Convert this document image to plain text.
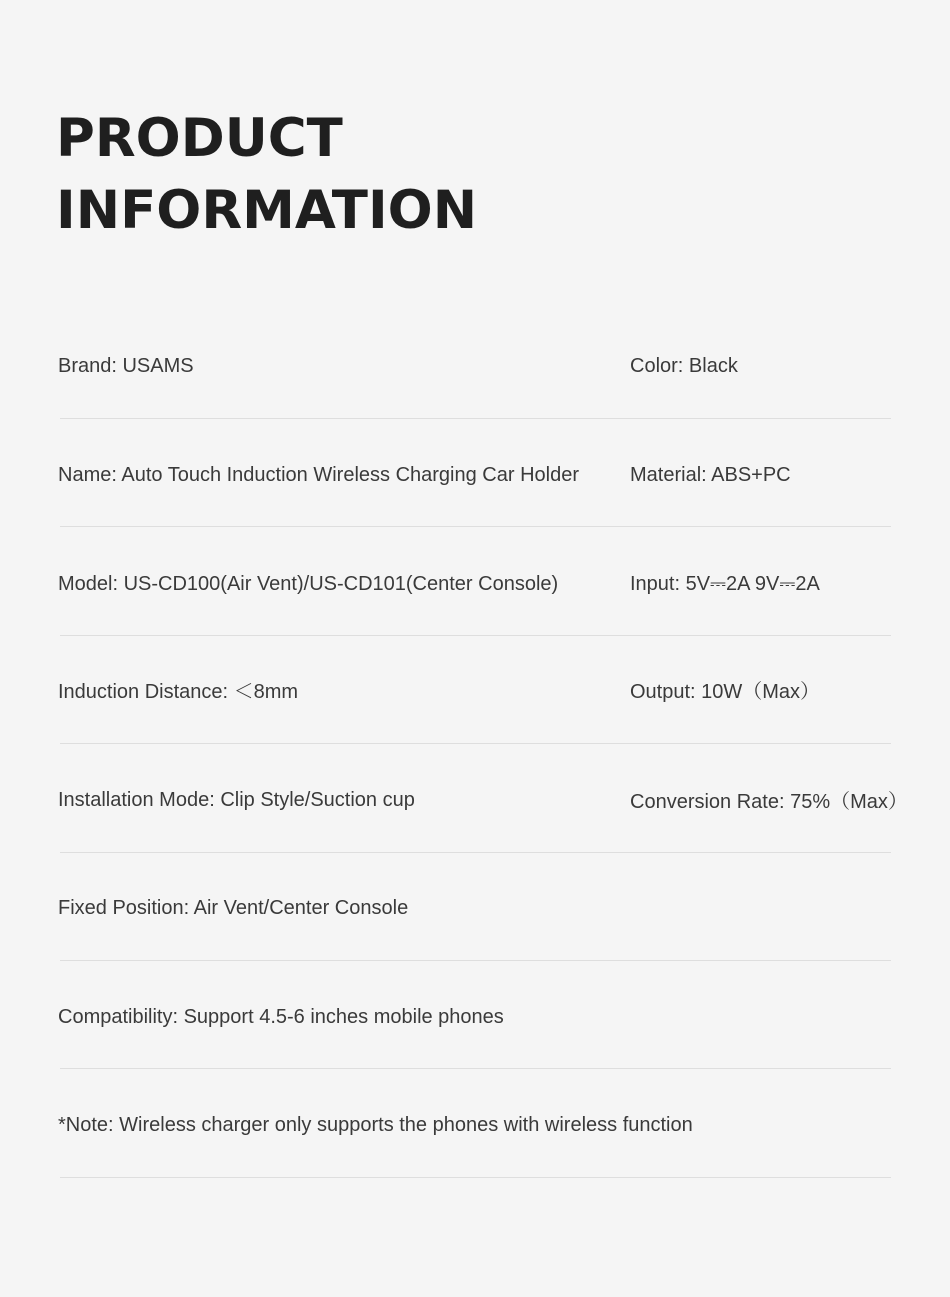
PRODUCT
INFORMATION
Brand: USAMS	Color: Black
Name: Auto Touch Induction Wireless Charging Car Holder	Material: ABS+PC
Model: US-CD100(Air Vent)/US-CD101(Center Console)	Input: 5V⎓2A 9V⎓2A
Induction Distance: ＜8mm	Output: 10W（Max）
Installation Mode: Clip Style/Suction cup	Conversion Rate: 75%（Max）
Fixed Position: Air Vent/Center Console
Compatibility: Support 4.5-6 inches mobile phones
*Note: Wireless charger only supports the phones with wireless function
